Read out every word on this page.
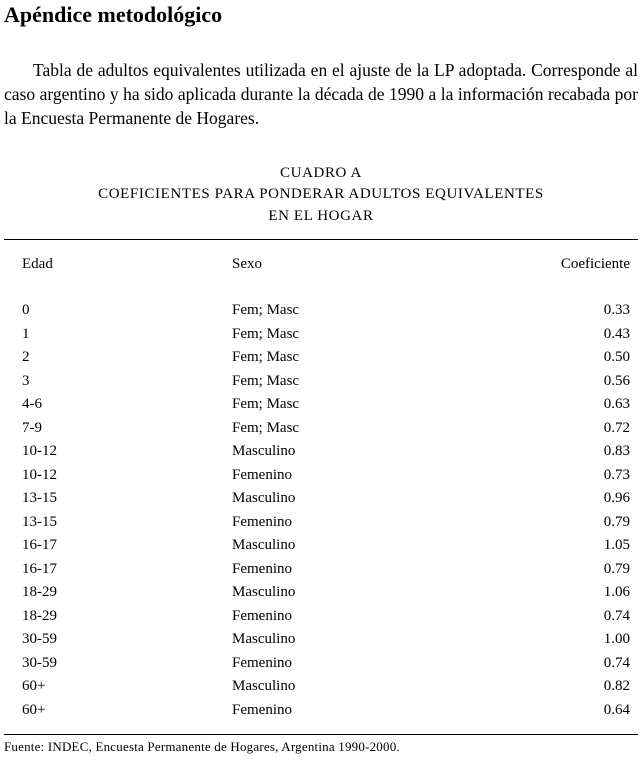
Apéndice metodológico

Tabla de adultos equivalentes utilizada en el ajuste de la LP adoptada. Corresponde al caso argentino y ha sido aplicada durante la década de 1990 a la información recabada por la Encuesta Permanente de Hogares.

CUADRO A
COEFICIENTES PARA PONDERAR ADULTOS EQUIVALENTES
EN EL HOGAR
Edad	Sexo	Coeficiente
0	Fem; Masc	0.33
1	Fem; Masc	0.43
2	Fem; Masc	0.50
3	Fem; Masc	0.56
4-6	Fem; Masc	0.63
7-9	Fem; Masc	0.72
10-12	Masculino	0.83
10-12	Femenino	0.73
13-15	Masculino	0.96
13-15	Femenino	0.79
16-17	Masculino	1.05
16-17	Femenino	0.79
18-29	Masculino	1.06
18-29	Femenino	0.74
30-59	Masculino	1.00
30-59	Femenino	0.74
60+	Masculino	0.82
60+	Femenino	0.64
Fuente: INDEC, Encuesta Permanente de Hogares, Argentina 1990-2000.
